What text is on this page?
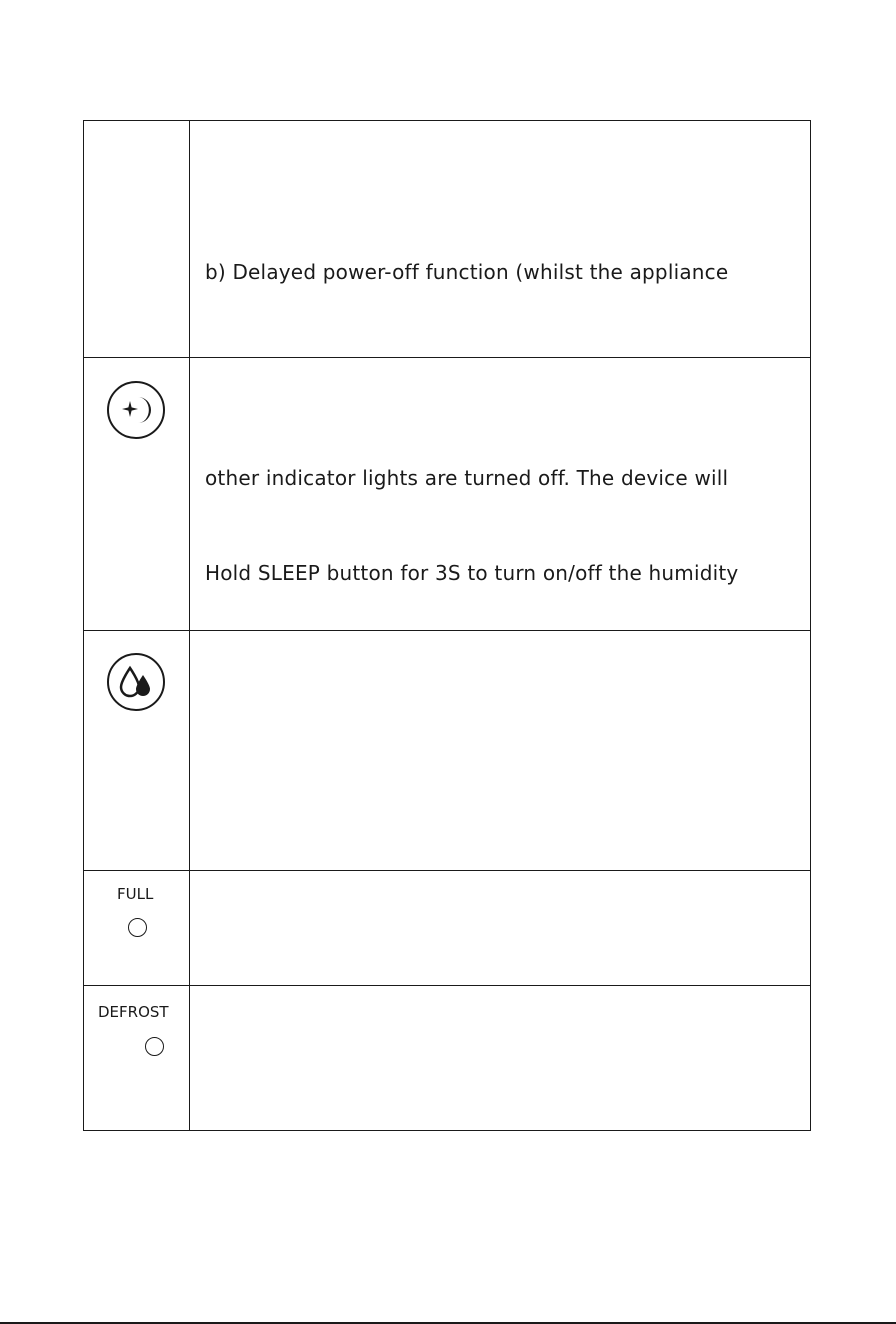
b) Delayed power-off function (whilst the appliance
other indicator lights are turned off. The device will
Hold SLEEP button for 3S to turn on/off the humidity
FULL
DEFROST
